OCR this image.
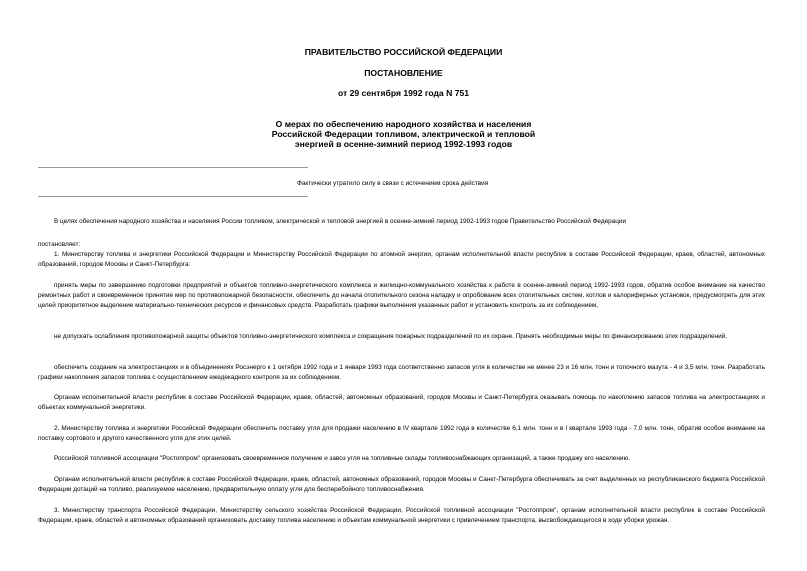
ПРАВИТЕЛЬСТВО РОССИЙСКОЙ ФЕДЕРАЦИИ
ПОСТАНОВЛЕНИЕ
от 29 сентября 1992 года N 751
О мерах по обеспечению народного хозяйства и населения
Российской Федерации топливом, электрической и тепловой
энергией в осенне-зимний период 1992-1993 годов
Фактически утратило силу в связи с истечением срока действия
В целях обеспечения народного хозяйства и населения России топливом, электрической и тепловой энергией в осенне-зимний период 1992-1993 годов Правительство Российской Федерации
постановляет:
1. Министерству топлива и энергетики Российской Федерации и Министерству Российской Федерации по атомной энергии, органам исполнительной власти республик в составе Российской Федерации, краев, областей, автономных образований, городов Москвы и Санкт-Петербурга:
принять меры по завершению подготовки предприятий и объектов топливно-энергетического комплекса и жилищно-коммунального хозяйства к работе в осенне-зимний период 1992-1993 годов, обратив особое внимание на качество ремонтных работ и своевременное принятие мер по противопожарной безопасности, обеспечить до начала отопительного сезона наладку и опробование всех отопительных систем, котлов и калориферных установок, предусмотреть для этих целей приоритетное выделение материально-технических ресурсов и финансовых средств. Разработать графики выполнения указанных работ и установить контроль за их соблюдением,
не допускать ослабления противопожарной защиты объектов топливно-энергетического комплекса и сокращения пожарных подразделений по их охране. Принять необходимые меры по финансированию этих подразделений,
обеспечить создание на электростанциях и в объединениях Росэнерго к 1 октября 1992 года и 1 января 1993 года соответственно запасов угля в количестве не менее 23 и 16 млн. тонн и топочного мазута - 4 и 3,5 млн. тонн. Разработать графики накопления запасов топлива с осуществлением ежедекадного контроля за их соблюдением.
Органам исполнительной власти республик в составе Российской Федерации, краев, областей, автономных образований, городов Москвы и Санкт-Петербурга оказывать помощь по накоплению запасов топлива на электростанциях и объектах коммунальной энергетики.
2. Министерству топлива и энергетики Российской Федерации обеспечить поставку угля для продажи населению в IV квартале 1992 года в количестве 6,1 млн. тонн и в I квартале 1993 года - 7,0 млн. тонн, обратив особое внимание на поставку сортового и другого качественного угля для этих целей.
Российской топливной ассоциации "Ростоппром" организовать своевременное получение и завоз угля на топливные склады топливоснабжающих организаций, а также продажу его населению.
Органам исполнительной власти республик в составе Российской Федерации, краев, областей, автономных образований, городов Москвы и Санкт-Петербурга обеспечивать за счет выделенных из республиканского бюджета Российской Федерации дотаций на топливо, реализуемое населению, предварительную оплату угля для бесперебойного топливоснабжения.
3. Министерству транспорта Российской Федерации, Министерству сельского хозяйства Российской Федерации, Российской топливной ассоциации "Ростоппром", органам исполнительной власти республик в составе Российской Федерации, краев, областей и автономных образований организовать доставку топлива населению и объектам коммунальной энергетики с привлечением транспорта, высвобождающегося в ходе уборки урожая.
